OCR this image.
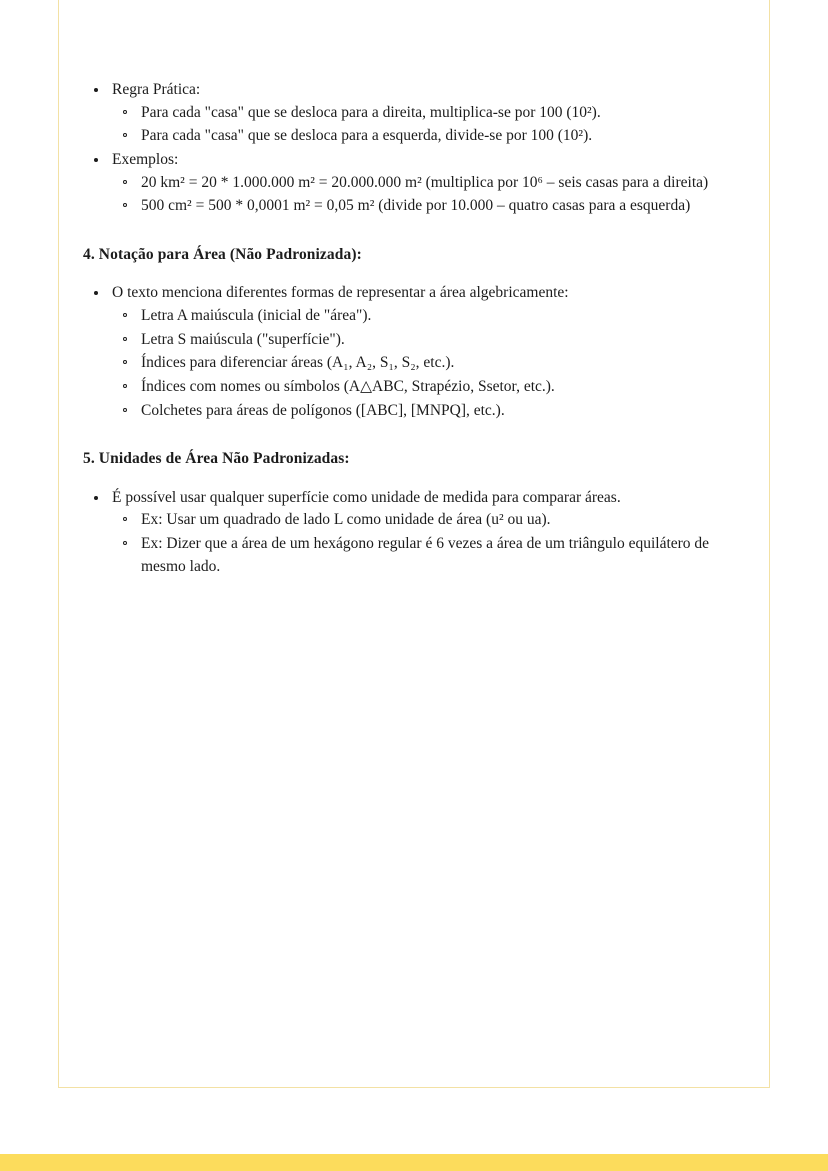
Regra Prática:
Para cada "casa" que se desloca para a direita, multiplica-se por 100 (10²).
Para cada "casa" que se desloca para a esquerda, divide-se por 100 (10²).
Exemplos:
20 km² = 20 * 1.000.000 m² = 20.000.000 m² (multiplica por 10⁶ – seis casas para a direita)
500 cm² = 500 * 0,0001 m² = 0,05 m² (divide por 10.000 – quatro casas para a esquerda)
4. Notação para Área (Não Padronizada):
O texto menciona diferentes formas de representar a área algebricamente:
Letra A maiúscula (inicial de "área").
Letra S maiúscula ("superfície").
Índices para diferenciar áreas (A₁, A₂, S₁, S₂, etc.).
Índices com nomes ou símbolos (A△ABC, Strapézio, Ssetor, etc.).
Colchetes para áreas de polígonos ([ABC], [MNPQ], etc.).
5. Unidades de Área Não Padronizadas:
É possível usar qualquer superfície como unidade de medida para comparar áreas.
Ex: Usar um quadrado de lado L como unidade de área (u² ou ua).
Ex: Dizer que a área de um hexágono regular é 6 vezes a área de um triângulo equilátero de mesmo lado.
